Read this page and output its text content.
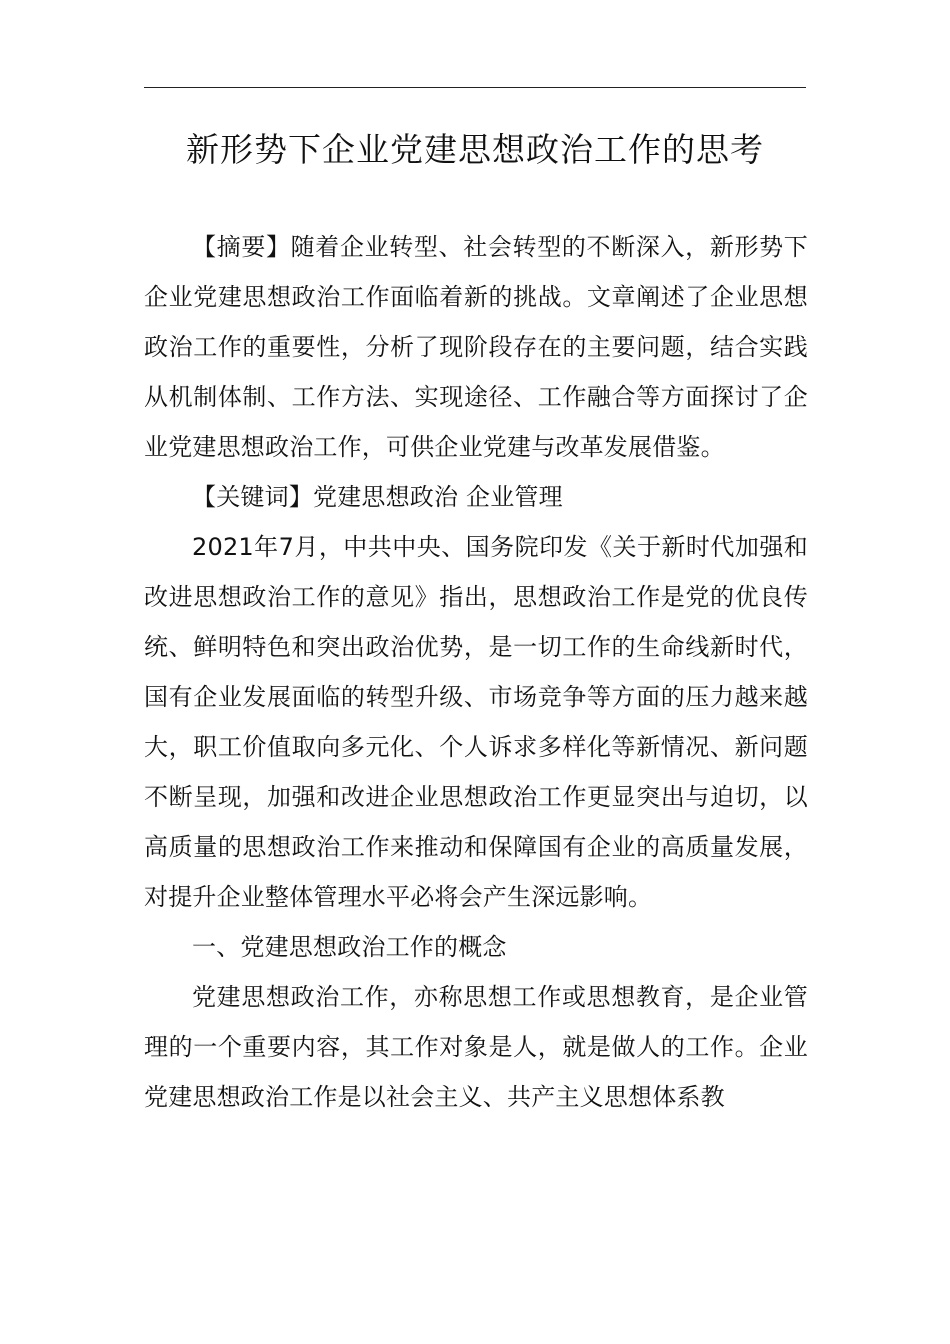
新形势下企业党建思想政治工作的思考

【摘要】随着企业转型、社会转型的不断深入，新形势下企业党建思想政治工作面临着新的挑战。文章阐述了企业思想政治工作的重要性，分析了现阶段存在的主要问题，结合实践从机制体制、工作方法、实现途径、工作融合等方面探讨了企业党建思想政治工作，可供企业党建与改革发展借鉴。

【关键词】党建思想政治 企业管理

2021年7月，中共中央、国务院印发《关于新时代加强和改进思想政治工作的意见》指出，思想政治工作是党的优良传统、鲜明特色和突出政治优势，是一切工作的生命线新时代，国有企业发展面临的转型升级、市场竞争等方面的压力越来越大，职工价值取向多元化、个人诉求多样化等新情况、新问题不断呈现，加强和改进企业思想政治工作更显突出与迫切，以高质量的思想政治工作来推动和保障国有企业的高质量发展，对提升企业整体管理水平必将会产生深远影响。

一、党建思想政治工作的概念

党建思想政治工作，亦称思想工作或思想教育，是企业管理的一个重要内容，其工作对象是人，就是做人的工作。企业党建思想政治工作是以社会主义、共产主义思想体系教
